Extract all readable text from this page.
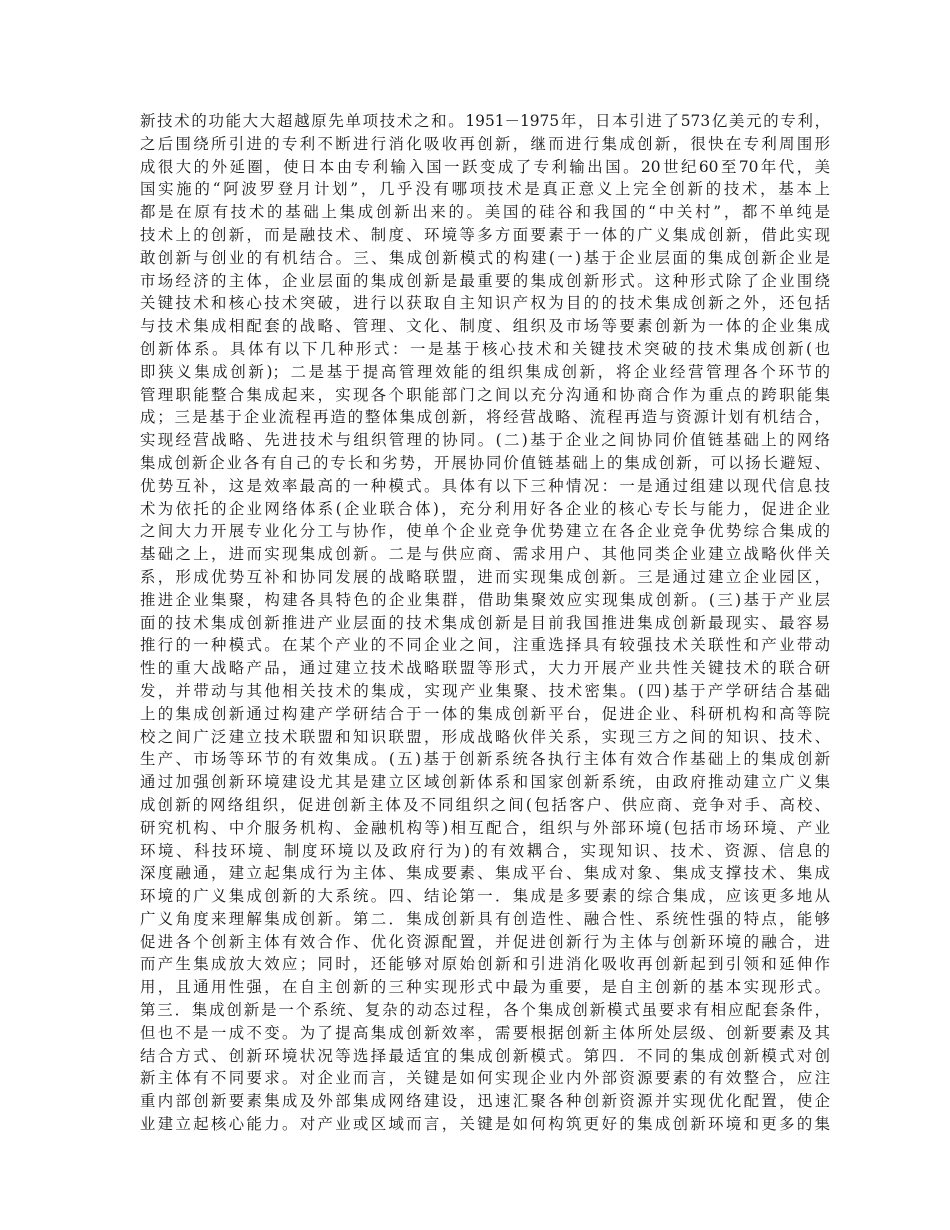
新技术的功能大大超越原先单项技术之和。1951－1975年，日本引进了573亿美元的专利，
之后围绕所引进的专利不断进行消化吸收再创新，继而进行集成创新，很快在专利周围形
成很大的外延圈，使日本由专利输入国一跃变成了专利输出国。20世纪60至70年代，美
国实施的“阿波罗登月计划”，几乎没有哪项技术是真正意义上完全创新的技术，基本上
都是在原有技术的基础上集成创新出来的。美国的硅谷和我国的“中关村”，都不单纯是
技术上的创新，而是融技术、制度、环境等多方面要素于一体的广义集成创新，借此实现
敢创新与创业的有机结合。三、集成创新模式的构建(一)基于企业层面的集成创新企业是
市场经济的主体，企业层面的集成创新是最重要的集成创新形式。这种形式除了企业围绕
关键技术和核心技术突破，进行以获取自主知识产权为目的的技术集成创新之外，还包括
与技术集成相配套的战略、管理、文化、制度、组织及市场等要素创新为一体的企业集成
创新体系。具体有以下几种形式：一是基于核心技术和关键技术突破的技术集成创新(也
即狭义集成创新)；二是基于提高管理效能的组织集成创新，将企业经营管理各个环节的
管理职能整合集成起来，实现各个职能部门之间以充分沟通和协商合作为重点的跨职能集
成；三是基于企业流程再造的整体集成创新，将经营战略、流程再造与资源计划有机结合，
实现经营战略、先进技术与组织管理的协同。(二)基于企业之间协同价值链基础上的网络
集成创新企业各有自己的专长和劣势，开展协同价值链基础上的集成创新，可以扬长避短、
优势互补，这是效率最高的一种模式。具体有以下三种情况：一是通过组建以现代信息技
术为依托的企业网络体系(企业联合体)，充分利用好各企业的核心专长与能力，促进企业
之间大力开展专业化分工与协作，使单个企业竞争优势建立在各企业竞争优势综合集成的
基础之上，进而实现集成创新。二是与供应商、需求用户、其他同类企业建立战略伙伴关
系，形成优势互补和协同发展的战略联盟，进而实现集成创新。三是通过建立企业园区，
推进企业集聚，构建各具特色的企业集群，借助集聚效应实现集成创新。(三)基于产业层
面的技术集成创新推进产业层面的技术集成创新是目前我国推进集成创新最现实、最容易
推行的一种模式。在某个产业的不同企业之间，注重选择具有较强技术关联性和产业带动
性的重大战略产品，通过建立技术战略联盟等形式，大力开展产业共性关键技术的联合研
发，并带动与其他相关技术的集成，实现产业集聚、技术密集。(四)基于产学研结合基础
上的集成创新通过构建产学研结合于一体的集成创新平台，促进企业、科研机构和高等院
校之间广泛建立技术联盟和知识联盟，形成战略伙伴关系，实现三方之间的知识、技术、
生产、市场等环节的有效集成。(五)基于创新系统各执行主体有效合作基础上的集成创新
通过加强创新环境建设尤其是建立区域创新体系和国家创新系统，由政府推动建立广义集
成创新的网络组织，促进创新主体及不同组织之间(包括客户、供应商、竞争对手、高校、
研究机构、中介服务机构、金融机构等)相互配合，组织与外部环境(包括市场环境、产业
环境、科技环境、制度环境以及政府行为)的有效耦合，实现知识、技术、资源、信息的
深度融通，建立起集成行为主体、集成要素、集成平台、集成对象、集成支撑技术、集成
环境的广义集成创新的大系统。四、结论第一．集成是多要素的综合集成，应该更多地从
广义角度来理解集成创新。第二．集成创新具有创造性、融合性、系统性强的特点，能够
促进各个创新主体有效合作、优化资源配置，并促进创新行为主体与创新环境的融合，进
而产生集成放大效应；同时，还能够对原始创新和引进消化吸收再创新起到引领和延伸作
用，且通用性强，在自主创新的三种实现形式中最为重要，是自主创新的基本实现形式。
第三．集成创新是一个系统、复杂的动态过程，各个集成创新模式虽要求有相应配套条件，
但也不是一成不变。为了提高集成创新效率，需要根据创新主体所处层级、创新要素及其
结合方式、创新环境状况等选择最适宜的集成创新模式。第四．不同的集成创新模式对创
新主体有不同要求。对企业而言，关键是如何实现企业内外部资源要素的有效整合，应注
重内部创新要素集成及外部集成网络建设，迅速汇聚各种创新资源并实现优化配置，使企
业建立起核心能力。对产业或区域而言，关键是如何构筑更好的集成创新环境和更多的集
